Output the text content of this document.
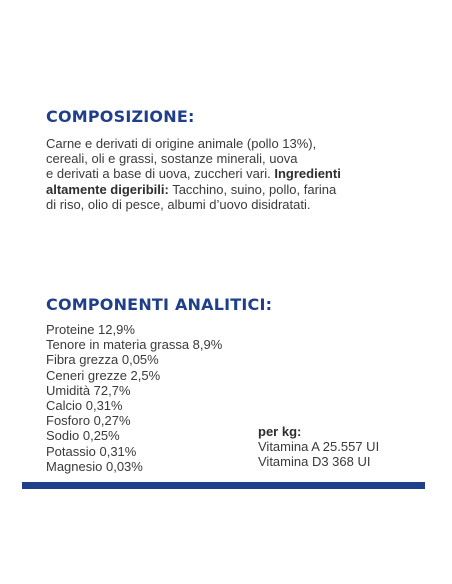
COMPOSIZIONE:

Carne e derivati di origine animale (pollo 13%),
cereali, oli e grassi, sostanze minerali, uova
e derivati a base di uova, zuccheri vari. Ingredienti
altamente digeribili: Tacchino, suino, pollo, farina
di riso, olio di pesce, albumi d’uovo disidratati.

COMPONENTI ANALITICI:
Proteine 12,9%
Tenore in materia grassa 8,9%
Fibra grezza 0,05%
Ceneri grezze 2,5%
Umidità 72,7%
Calcio 0,31%
Fosforo 0,27%
Sodio 0,25%
Potassio 0,31%
Magnesio 0,03%
per kg:
Vitamina A 25.557 UI
Vitamina D3 368 UI
